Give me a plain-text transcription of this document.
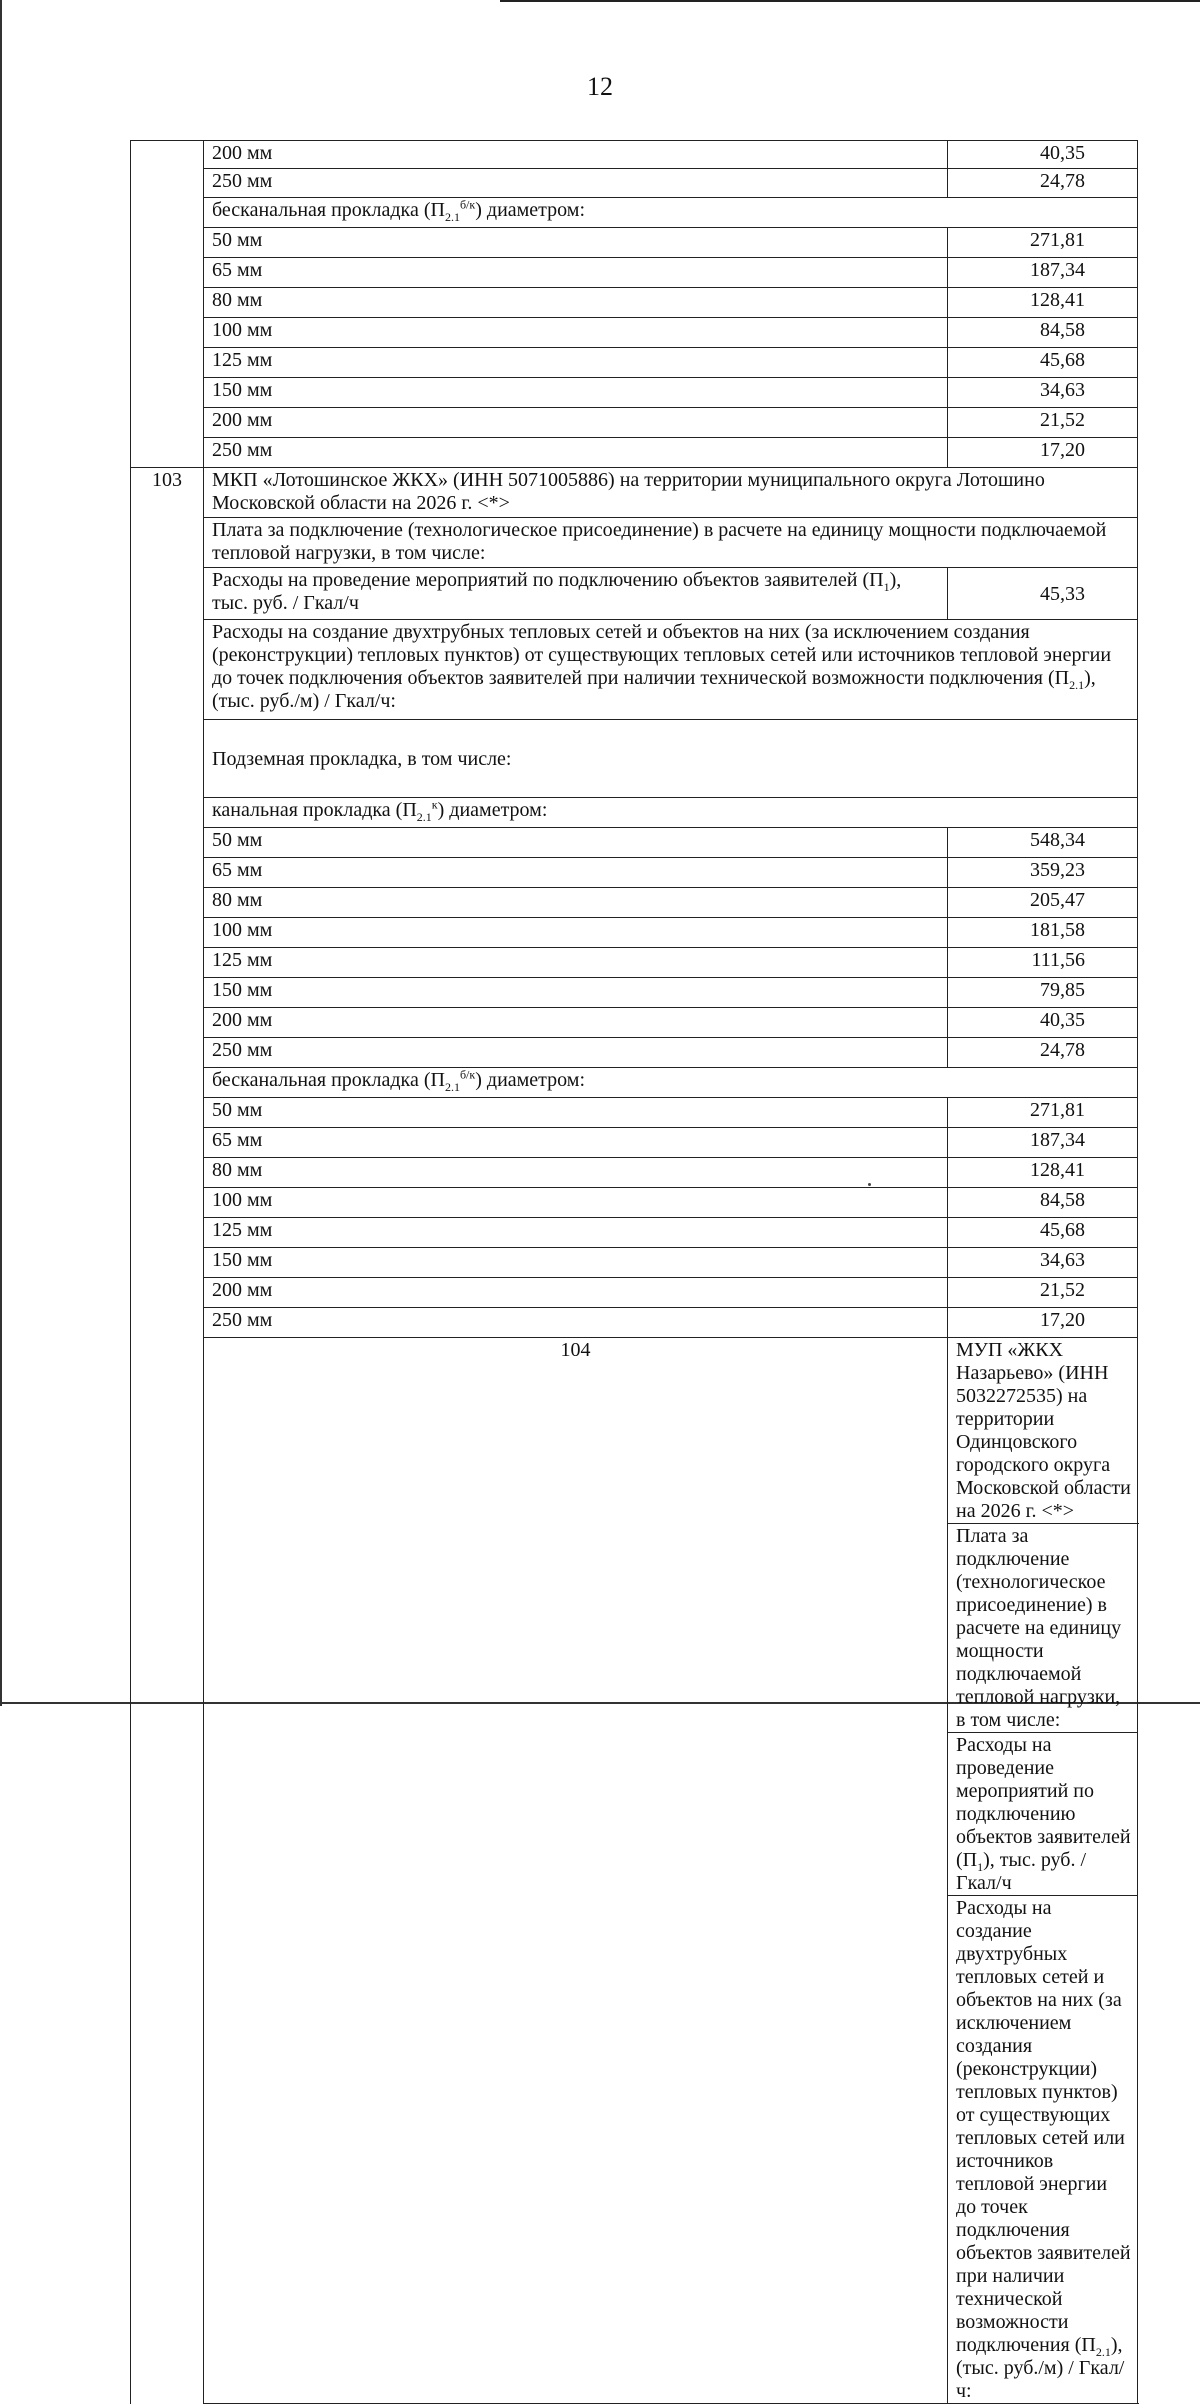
12
	200 мм	40,35	
	250 мм	24,78	
	бесканальная прокладка $(П_{2.1}^{б/к})$ диаметром:		
	50 мм	271,81	
	65 мм	187,34	
	80 мм	128,41	
	100 мм	84,58	
	125 мм	45,68	
	150 мм	34,63	
	200 мм	21,52	
	250 мм	17,20	
103	МКП «Лотошинское ЖКХ» (ИНН 5071005886) на территории муниципального округа Лотошино Московской области на 2026 г. <*>		
	Плата за подключение (технологическое присоединение) в расчете на единицу мощности подключаемой тепловой нагрузки, в том числе:		
	Расходы на проведение мероприятий по подключению объектов заявителей $(П_1)$, тыс. руб. / Гкал/ч	45,33	
	Расходы на создание двухтрубных тепловых сетей и объектов на них (за исключением создания (реконструкции) тепловых пунктов) от существующих тепловых сетей или источников тепловой энергии до точек подключения объектов заявителей при наличии технической возможности подключения $(П_{2.1})$, (тыс. руб./м) / Гкал/ч:		
	Подземная прокладка, в том числе:		
	канальная прокладка $(П_{2.1}^к)$ диаметром:		
	50 мм	548,34	
	65 мм	359,23	
	80 мм	205,47	
	100 мм	181,58	
	125 мм	111,56	
	150 мм	79,85	
	200 мм	40,35	
	250 мм	24,78	
	бесканальная прокладка $(П_{2.1}^{б/к})$ диаметром:		
	50 мм	271,81	
	65 мм	187,34	
	80 мм	128,41	
	100 мм	84,58	
	125 мм	45,68	
	150 мм	34,63	
	200 мм	21,52	
	250 мм	17,20	
	104	МУП «ЖКХ Назарьево» (ИНН 5032272535) на территории Одинцовского городского округа Московской области на 2026 г. <*>	
		Плата за подключение (технологическое присоединение) в расчете на единицу мощности подключаемой тепловой нагрузки, в том числе:	
		Расходы на проведение мероприятий по подключению объектов заявителей $(П_1)$, тыс. руб. / Гкал/ч	
		Расходы на создание двухтрубных тепловых сетей и объектов на них (за исключением создания (реконструкции) тепловых пунктов) от существующих тепловых сетей или источников тепловой энергии до точек подключения объектов заявителей при наличии технической возможности подключения $(П_{2.1})$, (тыс. руб./м) / Гкал/ч:	
